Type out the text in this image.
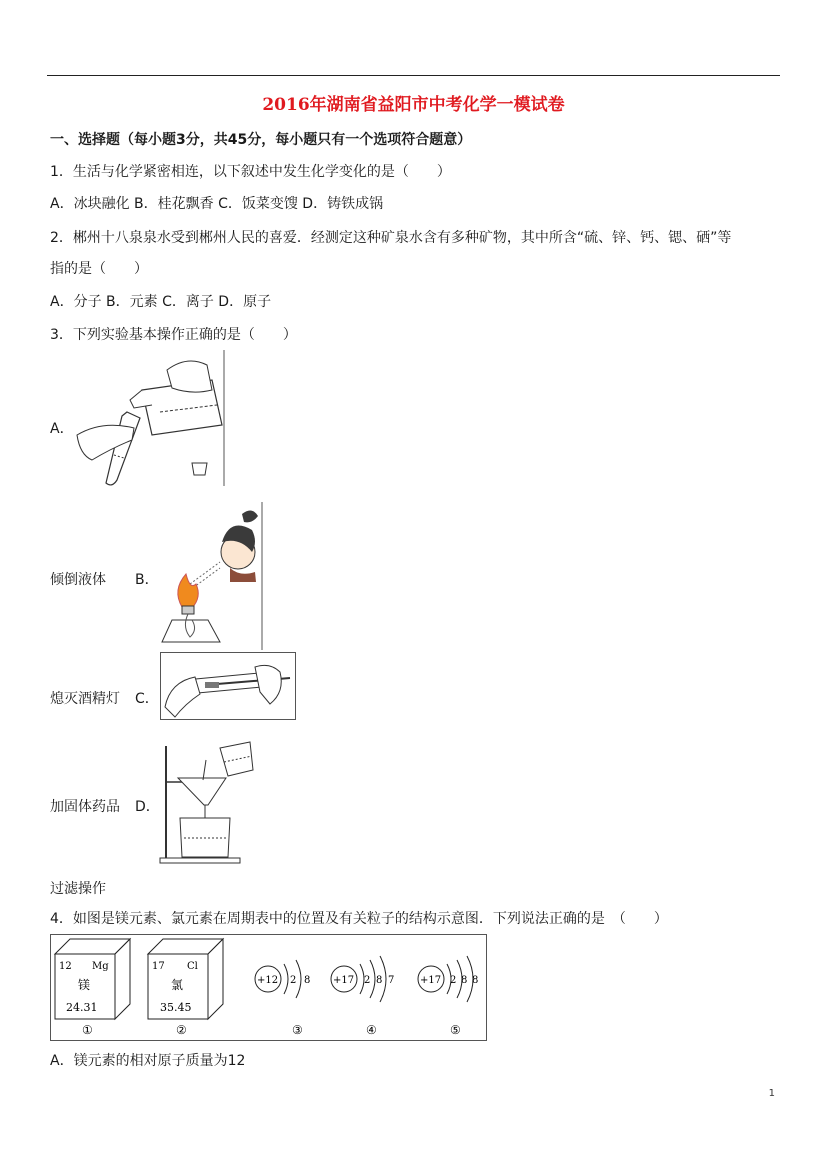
2016年湖南省益阳市中考化学一模试卷
一、选择题（每小题3分，共45分，每小题只有一个选项符合题意）
1．生活与化学紧密相连，以下叙述中发生化学变化的是（　　）
A．冰块融化 B．桂花飘香 C．饭菜变馊 D．铸铁成锅
2．郴州十八泉泉水受到郴州人民的喜爱．经测定这种矿泉水含有多种矿物，其中所含“硫、锌、钙、锶、硒”等
指的是（　　）
A．分子 B．元素 C．离子 D．原子
3．下列实验基本操作正确的是（　　）
A．
倾倒液体 B．
熄灭酒精灯 C．
加固体药品 D．
过滤操作
4．如图是镁元素、氯元素在周期表中的位置及有关粒子的结构示意图．下列说法正确的是　（　　）
12 Mg
镁
24.31
①
17 Cl
氯
35.45
②
+12 2 8
③
+17 2 8 7
④
+17 2 8 8
⑤
A．镁元素的相对原子质量为12
1
